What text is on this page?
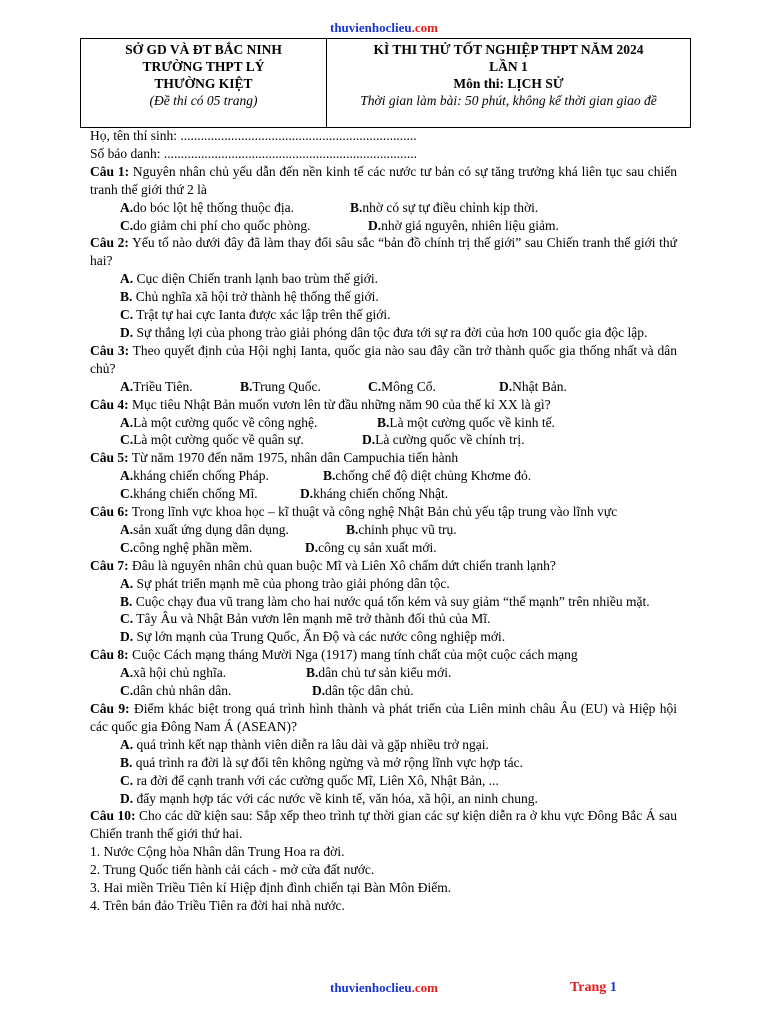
thuvienhoclieu.com
SỞ GD VÀ ĐT BẮC NINH
TRƯỜNG THPT LÝ
THƯỜNG KIỆT
(Đề thi có 05 trang)
KÌ THI THỬ TỐT NGHIỆP THPT NĂM 2024
LẦN 1
Môn thi: LỊCH SỬ
Thời gian làm bài: 50 phút, không kể thời gian giao đề

Họ, tên thí sinh: ......................................................................

Số báo danh: ...........................................................................

Câu 1: Nguyên nhân chủ yếu dẫn đến nền kinh tế các nước tư bản có sự tăng trưởng khá liên tục sau chiến tranh thế giới thứ 2 là

A.do bóc lột hệ thống thuộc địa.	B.nhờ có sự tự điều chỉnh kịp thời.
C.do giảm chi phí cho quốc phòng.	D.nhờ giá nguyên, nhiên liệu giảm.

Câu 2: Yếu tố nào dưới đây đã làm thay đổi sâu sắc “bản đồ chính trị thế giới” sau Chiến tranh thế giới thứ hai?

A. Cục diện Chiến tranh lạnh bao trùm thế giới.

B. Chủ nghĩa xã hội trở thành hệ thống thế giới.

C. Trật tự hai cực Ianta được xác lập trên thế giới.

D. Sự thắng lợi của phong trào giải phóng dân tộc đưa tới sự ra đời của hơn 100 quốc gia độc lập.

Câu 3: Theo quyết định của Hội nghị Ianta, quốc gia nào sau đây cần trở thành quốc gia thống nhất và dân chủ?

A.Triều Tiên.	B.Trung Quốc.	C.Mông Cổ.	D.Nhật Bản.

Câu 4: Mục tiêu Nhật Bản muốn vươn lên từ đầu những năm 90 của thế kỉ XX là gì?

A.Là một cường quốc về công nghệ.	B.Là một cường quốc về kinh tế.
C.Là một cường quốc về quân sự.	D.Là cường quốc về chính trị.

Câu 5: Từ năm 1970 đến năm 1975, nhân dân Campuchia tiến hành

A.kháng chiến chống Pháp.	B.chống chế độ diệt chủng Khơme đỏ.
C.kháng chiến chống Mĩ.	D.kháng chiến chống Nhật.

Câu 6: Trong lĩnh vực khoa học – kĩ thuật và công nghệ Nhật Bản chủ yếu tập trung vào lĩnh vực

A.sản xuất ứng dụng dân dụng.	B.chinh phục vũ trụ.
C.công nghệ phần mềm.	D.công cụ sản xuất mới.

Câu 7: Đâu là nguyên nhân chủ quan buộc Mĩ và Liên Xô chấm dứt chiến tranh lạnh?

A. Sự phát triển mạnh mẽ của phong trào giải phóng dân tộc.

B. Cuộc chạy đua vũ trang làm cho hai nước quá tốn kém và suy giảm “thế mạnh” trên nhiều mặt.

C. Tây Âu và Nhật Bản vươn lên mạnh mẽ trở thành đối thủ của Mĩ.

D. Sự lớn mạnh của Trung Quốc, Ấn Độ và các nước công nghiệp mới.

Câu 8: Cuộc Cách mạng tháng Mười Nga (1917) mang tính chất của một cuộc cách mạng

A.xã hội chủ nghĩa.	B.dân chủ tư sản kiểu mới.
C.dân chủ nhân dân.	D.dân tộc dân chủ.

Câu 9: Điểm khác biệt trong quá trình hình thành và phát triển của Liên minh châu Âu (EU) và Hiệp hội các quốc gia Đông Nam Á (ASEAN)?

A. quá trình kết nạp thành viên diễn ra lâu dài và gặp nhiều trở ngại.

B. quá trình ra đời là sự đổi tên không ngừng và mở rộng lĩnh vực hợp tác.

C. ra đời để cạnh tranh với các cường quốc Mĩ, Liên Xô, Nhật Bản, ...

D. đẩy mạnh hợp tác với các nước về kinh tế, văn hóa, xã hội, an ninh chung.

Câu 10: Cho các dữ kiện sau: Sắp xếp theo trình tự thời gian các sự kiện diễn ra ở khu vực Đông Bắc Á sau Chiến tranh thế giới thứ hai.

1. Nước Cộng hòa Nhân dân Trung Hoa ra đời.

2. Trung Quốc tiến hành cải cách - mở cửa đất nước.

3. Hai miền Triều Tiên kí Hiệp định đình chiến tại Bàn Môn Điếm.

4. Trên bán đảo Triều Tiên ra đời hai nhà nước.

thuvienhoclieu.com	Trang 1
